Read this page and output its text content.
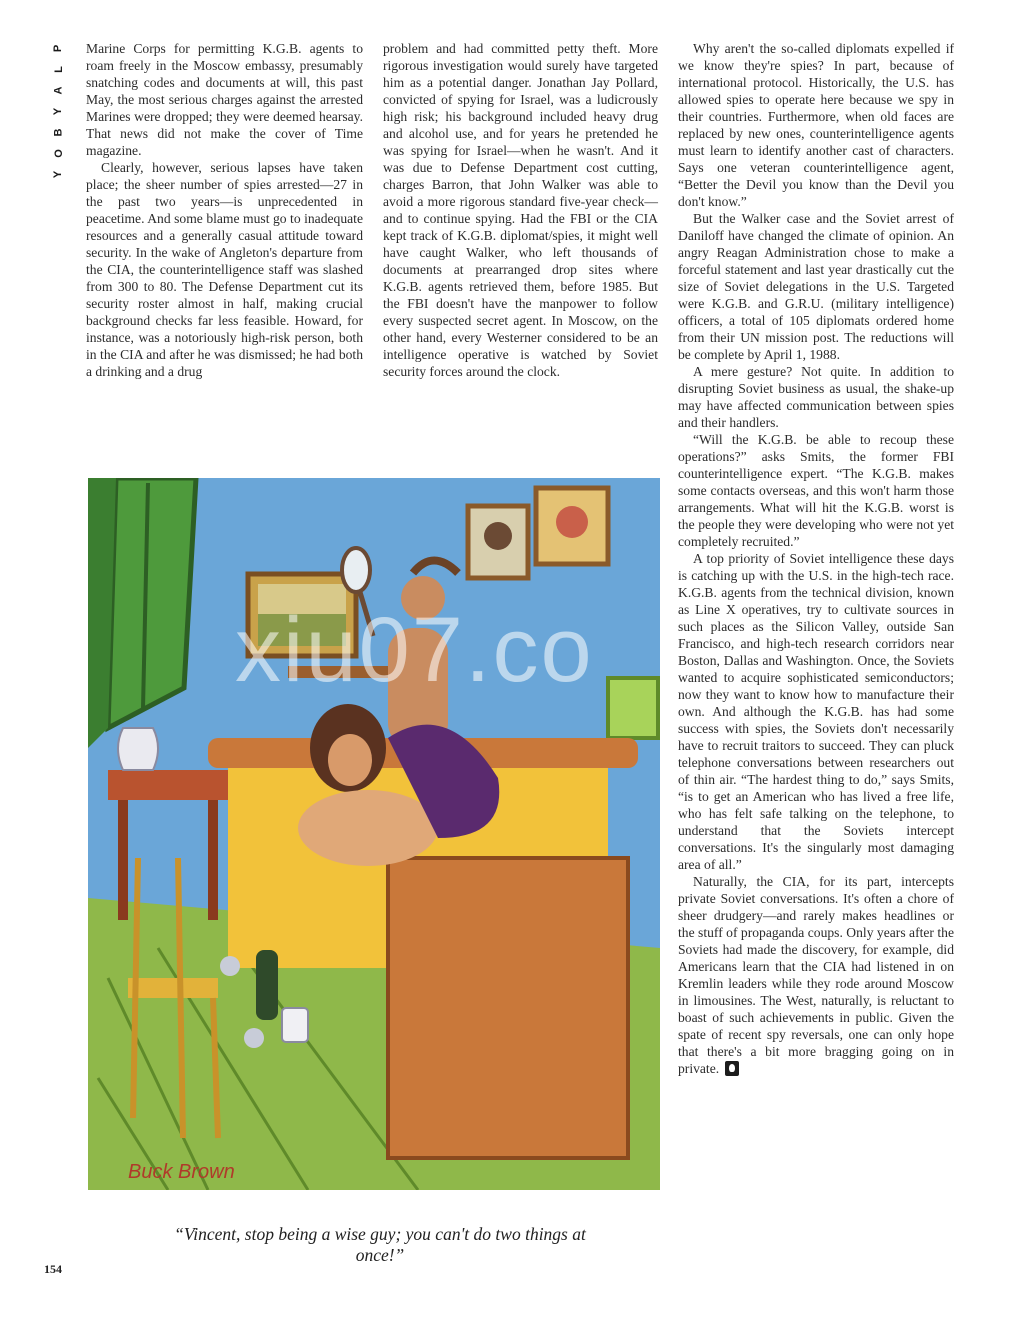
P
L
A
Y
B
O
Y

Marine Corps for permitting K.G.B. agents to roam freely in the Moscow embassy, presumably snatching codes and documents at will, this past May, the most serious charges against the arrested Marines were dropped; they were deemed hearsay. That news did not make the cover of Time magazine.

Clearly, however, serious lapses have taken place; the sheer number of spies arrested—27 in the past two years—is unprecedented in peacetime. And some blame must go to inadequate resources and a generally casual attitude toward security. In the wake of Angleton's departure from the CIA, the counterintelligence staff was slashed from 300 to 80. The Defense Department cut its security roster almost in half, making crucial background checks far less feasible. Howard, for instance, was a notoriously high-risk person, both in the CIA and after he was dismissed; he had both a drinking and a drug

problem and had committed petty theft. More rigorous investigation would surely have targeted him as a potential danger. Jonathan Jay Pollard, convicted of spying for Israel, was a ludicrously high risk; his background included heavy drug and alcohol use, and for years he pretended he was spying for Israel—when he wasn't. And it was due to Defense Department cost cutting, charges Barron, that John Walker was able to avoid a more rigorous standard five-year check—and to continue spying. Had the FBI or the CIA kept track of K.G.B. diplomat/spies, it might well have caught Walker, who left thousands of documents at prearranged drop sites where K.G.B. agents retrieved them, before 1985. But the FBI doesn't have the manpower to follow every suspected secret agent. In Moscow, on the other hand, every Westerner considered to be an intelligence operative is watched by Soviet security forces around the clock.

Why aren't the so-called diplomats expelled if we know they're spies? In part, because of international protocol. Historically, the U.S. has allowed spies to operate here because we spy in their countries. Furthermore, when old faces are replaced by new ones, counterintelligence agents must learn to identify another cast of characters. Says one veteran counterintelligence agent, “Better the Devil you know than the Devil you don't know.”

But the Walker case and the Soviet arrest of Daniloff have changed the climate of opinion. An angry Reagan Administration chose to make a forceful statement and last year drastically cut the size of Soviet delegations in the U.S. Targeted were K.G.B. and G.R.U. (military intelligence) officers, a total of 105 diplomats ordered home from their UN mission post. The reductions will be complete by April 1, 1988.

A mere gesture? Not quite. In addition to disrupting Soviet business as usual, the shake-up may have affected communication between spies and their handlers.

“Will the K.G.B. be able to recoup these operations?” asks Smits, the former FBI counterintelligence expert. “The K.G.B. makes some contacts overseas, and this won't harm those arrangements. What will hit the K.G.B. worst is the people they were developing who were not yet completely recruited.”

A top priority of Soviet intelligence these days is catching up with the U.S. in the high-tech race. K.G.B. agents from the technical division, known as Line X operatives, try to cultivate sources in such places as the Silicon Valley, outside San Francisco, and high-tech research corridors near Boston, Dallas and Washington. Once, the Soviets wanted to acquire sophisticated semiconductors; now they want to know how to manufacture their own. And although the K.G.B. has had some success with spies, the Soviets don't necessarily have to recruit traitors to succeed. They can pluck telephone conversations between researchers out of thin air. “The hardest thing to do,” says Smits, “is to get an American who has lived a free life, who has felt safe talking on the telephone, to understand that the Soviets intercept conversations. It's the singularly most damaging area of all.”

Naturally, the CIA, for its part, intercepts private Soviet conversations. It's often a chore of sheer drudgery—and rarely makes headlines or the stuff of propaganda coups. Only years after the Soviets had made the discovery, for example, did Americans learn that the CIA had listened in on Kremlin leaders while they rode around Moscow in limousines. The West, naturally, is reluctant to boast of such achievements in public. Given the spate of recent spy reversals, one can only hope that there's a bit more bragging going on in private.

Buck Brown
xiu07.co
“Vincent, stop being a wise guy; you can't do two things at once!”
154
